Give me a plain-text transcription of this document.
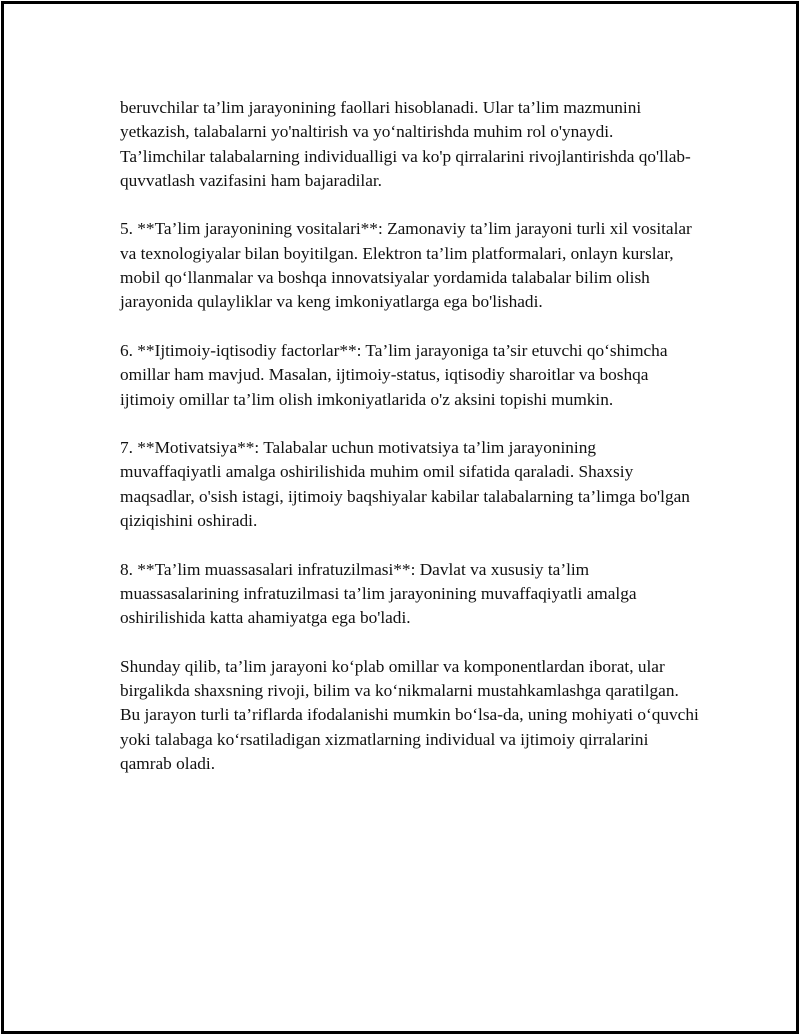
beruvchilar ta’lim jarayonining faollari hisoblanadi. Ular ta’lim mazmunini yetkazish, talabalarni yo'naltirish va yo‘naltirishda muhim rol o'ynaydi. Ta’limchilar talabalarning individualligi va ko'p qirralarini rivojlantirishda qo'llab-quvvatlash vazifasini ham bajaradilar.

5. **Ta’lim jarayonining vositalari**: Zamonaviy ta’lim jarayoni turli xil vositalar va texnologiyalar bilan boyitilgan. Elektron ta’lim platformalari, onlayn kurslar, mobil qo‘llanmalar va boshqa innovatsiyalar yordamida talabalar bilim olish jarayonida qulayliklar va keng imkoniyatlarga ega bo'lishadi.

6. **Ijtimoiy-iqtisodiy factorlar**: Ta’lim jarayoniga ta’sir etuvchi qo‘shimcha omillar ham mavjud. Masalan, ijtimoiy-status, iqtisodiy sharoitlar va boshqa ijtimoiy omillar ta’lim olish imkoniyatlarida o'z aksini topishi mumkin.

7. **Motivatsiya**: Talabalar uchun motivatsiya ta’lim jarayonining muvaffaqiyatli amalga oshirilishida muhim omil sifatida qaraladi. Shaxsiy maqsadlar, o'sish istagi, ijtimoiy baqshiyalar kabilar talabalarning ta’limga bo'lgan qiziqishini oshiradi.

8. **Ta’lim muassasalari infratuzilmasi**: Davlat va xususiy ta’lim muassasalarining infratuzilmasi ta’lim jarayonining muvaffaqiyatli amalga oshirilishida katta ahamiyatga ega bo'ladi.

Shunday qilib, ta’lim jarayoni ko‘plab omillar va komponentlardan iborat, ular birgalikda shaxsning rivoji, bilim va ko‘nikmalarni mustahkamlashga qaratilgan. Bu jarayon turli ta’riflarda ifodalanishi mumkin bo‘lsa-da, uning mohiyati o‘quvchi yoki talabaga ko‘rsatiladigan xizmatlarning individual va ijtimoiy qirralarini qamrab oladi.
